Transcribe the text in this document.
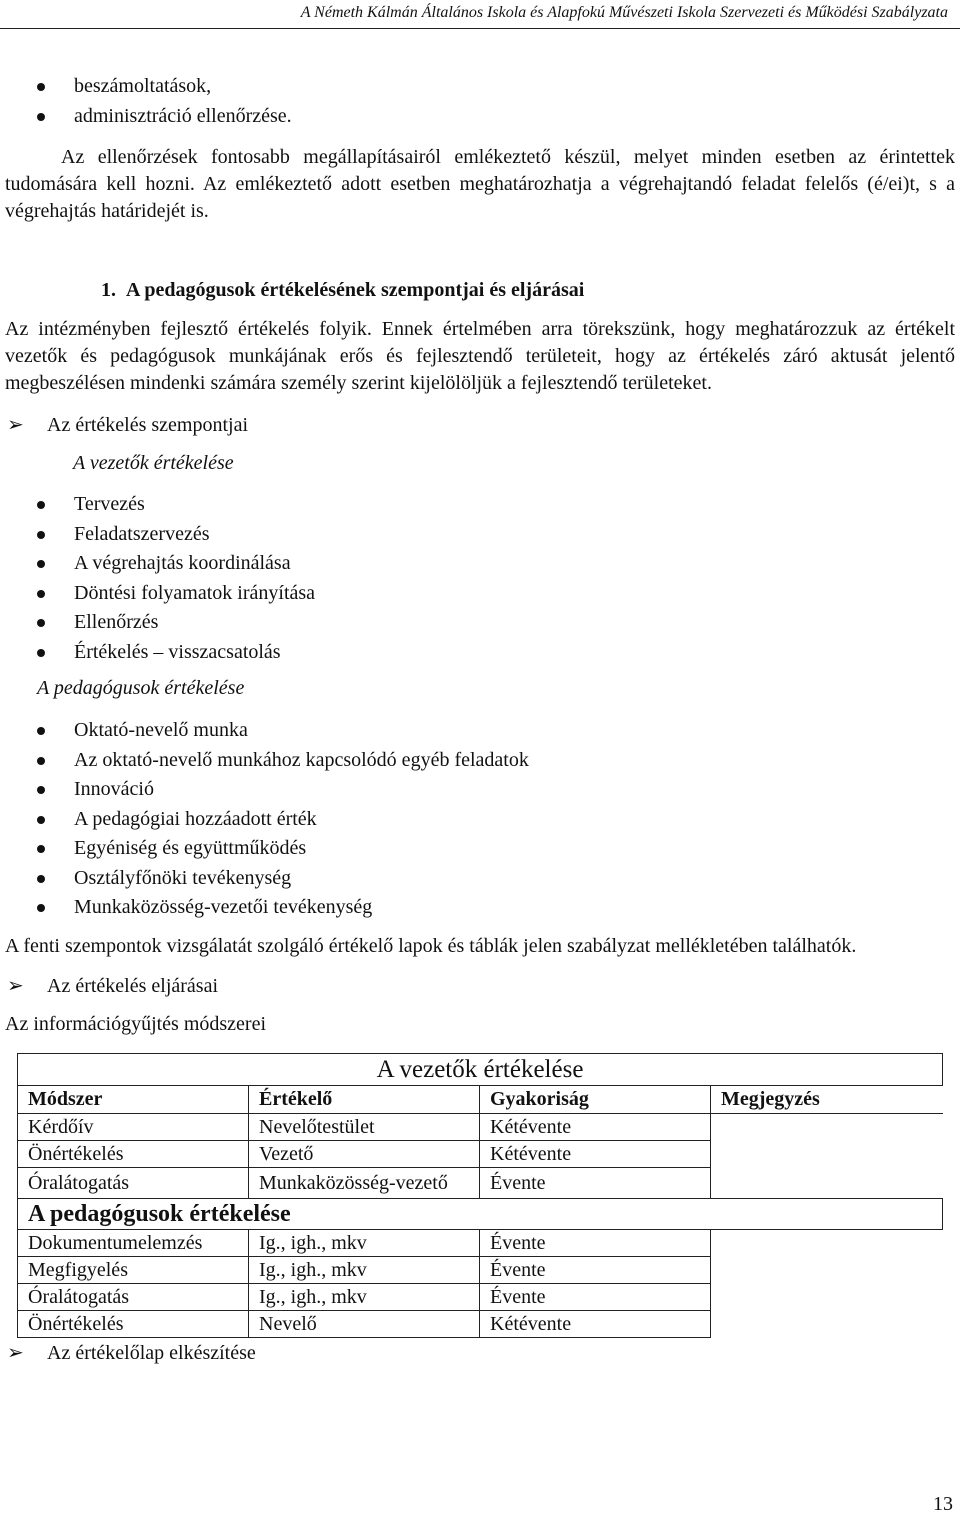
A Németh Kálmán Általános Iskola és Alapfokú Művészeti Iskola Szervezeti és Működési Szabályzata
beszámoltatások,
adminisztráció ellenőrzése.

Az ellenőrzések fontosabb megállapításairól emlékeztető készül, melyet minden esetben az érintettek tudomására kell hozni. Az emlékeztető adott esetben meghatározhatja a végrehajtandó feladat felelős (é/ei)t, s a végrehajtás határidejét is.

1. A pedagógusok értékelésének szempontjai és eljárásai

Az intézményben fejlesztő értékelés folyik. Ennek értelmében arra törekszünk, hogy meghatározzuk az értékelt vezetők és pedagógusok munkájának erős és fejlesztendő területeit, hogy az értékelés záró aktusát jelentő megbeszélésen mindenki számára személy szerint kijelölöljük a fejlesztendő területeket.

➢ Az értékelés szempontjai
A vezetők értékelése
Tervezés
Feladatszervezés
A végrehajtás koordinálása
Döntési folyamatok irányítása
Ellenőrzés
Értékelés – visszacsatolás
A pedagógusok értékelése
Oktató-nevelő munka
Az oktató-nevelő munkához kapcsolódó egyéb feladatok
Innováció
A pedagógiai hozzáadott érték
Egyéniség és együttműködés
Osztályfőnöki tevékenység
Munkaközösség-vezetői tevékenység

A fenti szempontok vizsgálatát szolgáló értékelő lapok és táblák jelen szabályzat mellékletében találhatók.

➢ Az értékelés eljárásai
Az információgyűjtés módszerei
A vezetők értékelése			
Módszer	Értékelő	Gyakoriság	Megjegyzés
Kérdőív	Nevelőtestület	Kétévente	
Önértékelés	Vezető	Kétévente	
Óralátogatás	Munkaközösség-vezető	Évente	
A pedagógusok értékelése			
Dokumentumelemzés	Ig., igh., mkv	Évente	
Megfigyelés	Ig., igh., mkv	Évente	
Óralátogatás	Ig., igh., mkv	Évente	
Önértékelés	Nevelő	Kétévente	
➢ Az értékelőlap elkészítése
13
